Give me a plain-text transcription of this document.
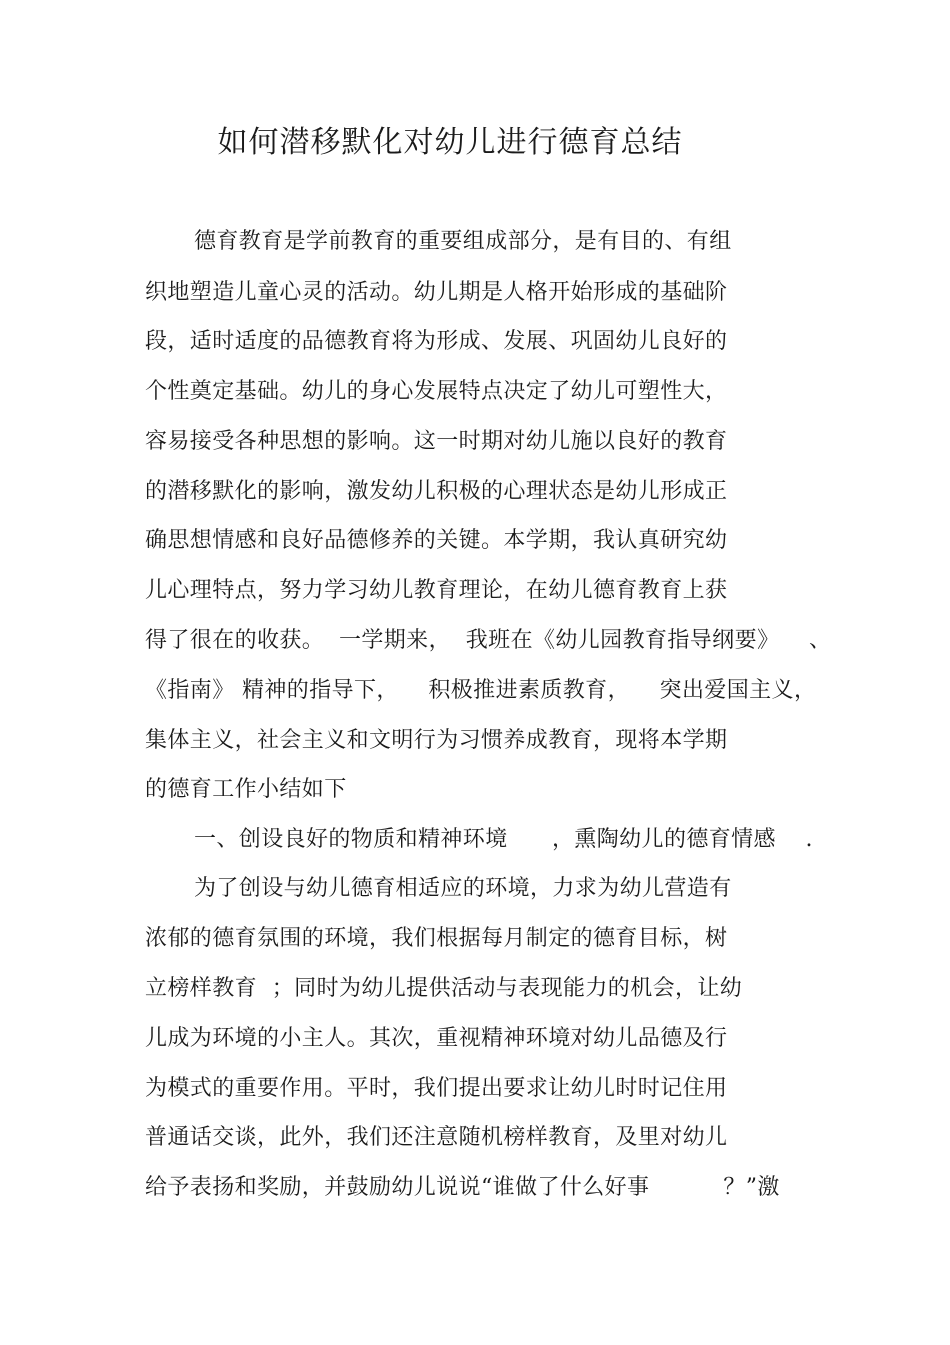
如何潜移默化对幼儿进行德育总结
德育教育是学前教育的重要组成部分，是有目的、有组
织地塑造儿童心灵的活动。幼儿期是人格开始形成的基础阶
段，适时适度的品德教育将为形成、发展、巩固幼儿良好的
个性奠定基础。幼儿的身心发展特点决定了幼儿可塑性大，
容易接受各种思想的影响。这一时期对幼儿施以良好的教育
的潜移默化的影响，激发幼儿积极的心理状态是幼儿形成正
确思想情感和良好品德修养的关键。本学期，我认真研究幼
儿心理特点，努力学习幼儿教育理论，在幼儿德育教育上获
得了很在的收获。  一学期来，  我班在《幼儿园教育指导纲要》    、
《指南》 精神的指导下，    积极推进素质教育，    突出爱国主义，
集体主义，社会主义和文明行为习惯养成教育，现将本学期
的德育工作小结如下
一、创设良好的物质和精神环境      ，熏陶幼儿的德育情感    .
为了创设与幼儿德育相适应的环境，力求为幼儿营造有
浓郁的德育氛围的环境，我们根据每月制定的德育目标，树
立榜样教育  ；同时为幼儿提供活动与表现能力的机会，让幼
儿成为环境的小主人。其次，重视精神环境对幼儿品德及行
为模式的重要作用。平时，我们提出要求让幼儿时时记住用
普通话交谈，此外，我们还注意随机榜样教育，及里对幼儿
给予表扬和奖励，并鼓励幼儿说说“谁做了什么好事          ？”激
